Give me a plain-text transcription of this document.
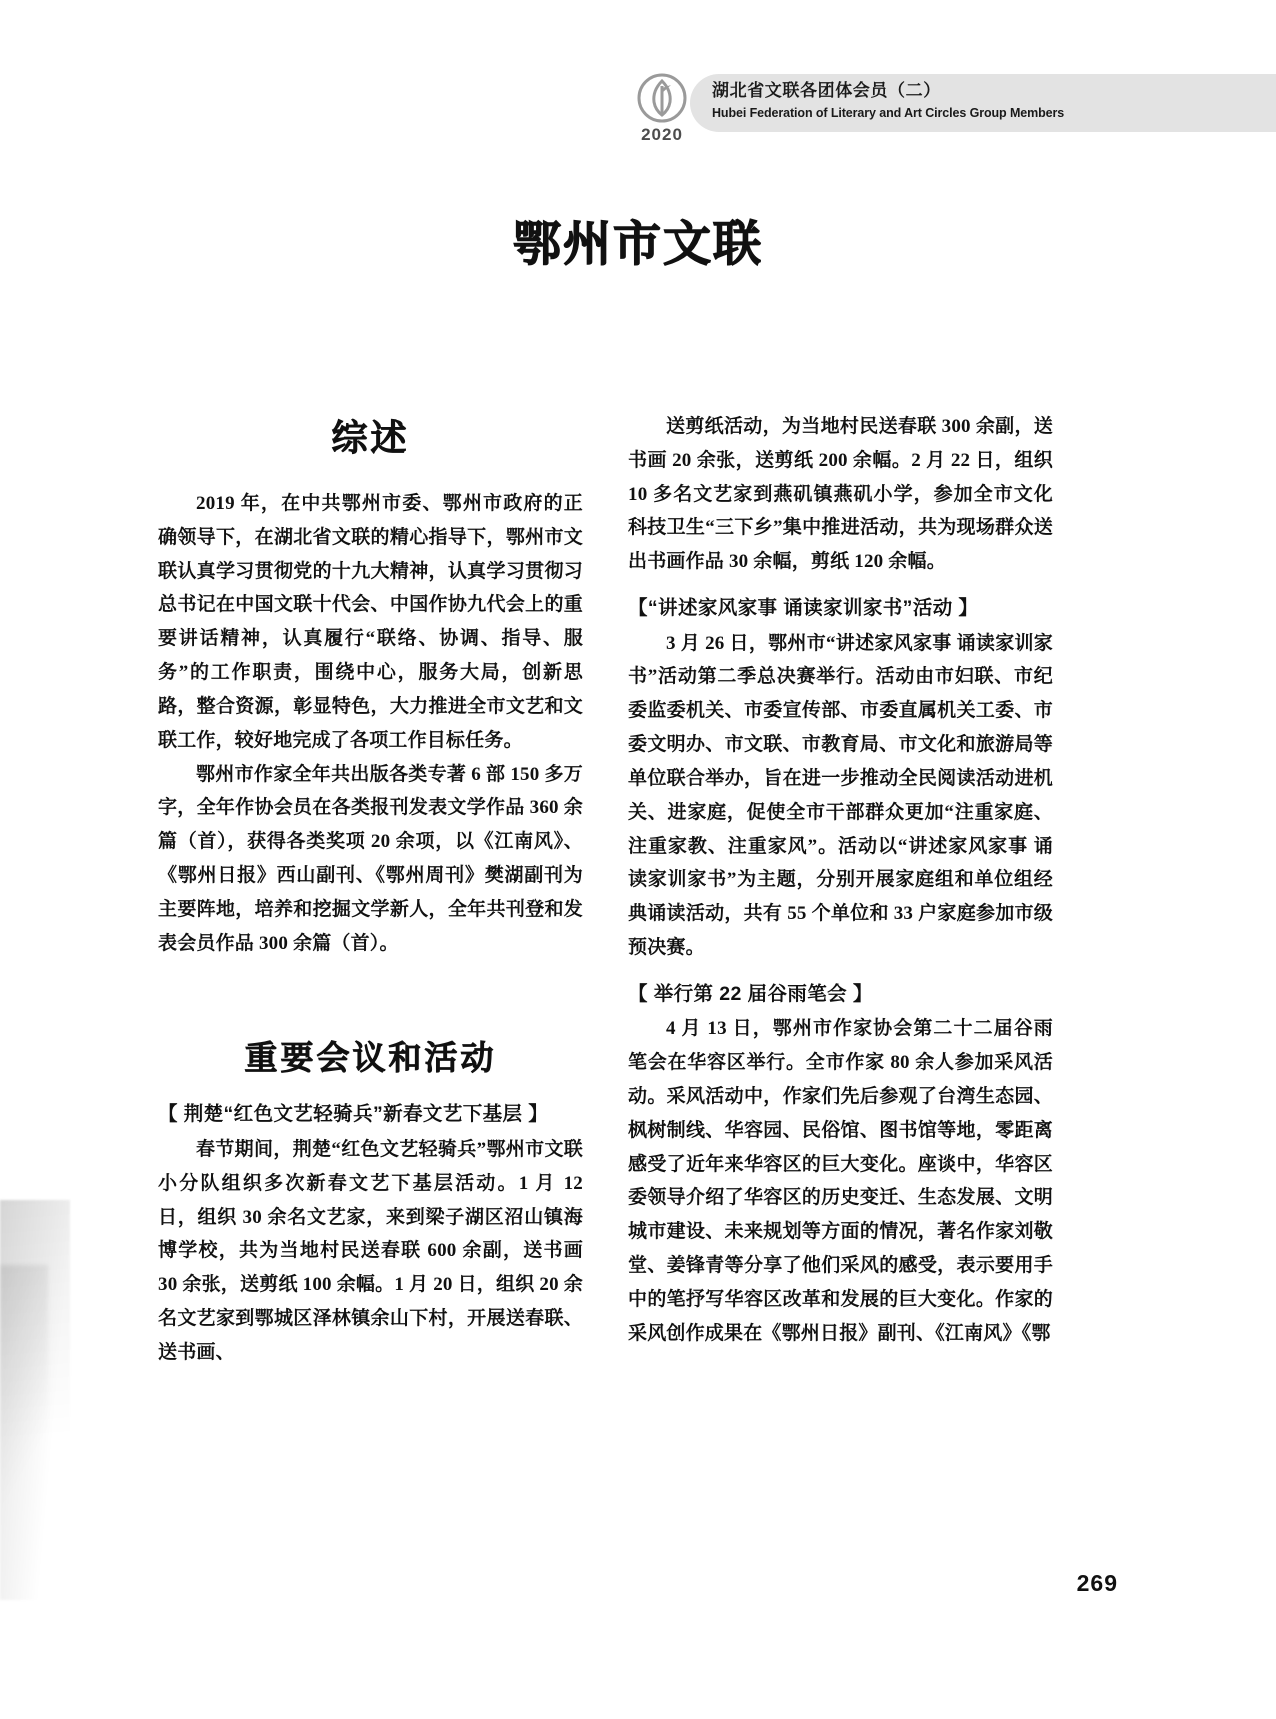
2020
湖北省文联各团体会员（二）
Hubei Federation of Literary and Art Circles Group Members
鄂州市文联
综述

2019 年，在中共鄂州市委、鄂州市政府的正确领导下，在湖北省文联的精心指导下，鄂州市文联认真学习贯彻党的十九大精神，认真学习贯彻习总书记在中国文联十代会、中国作协九代会上的重要讲话精神，认真履行“联络、协调、指导、服务”的工作职责，围绕中心，服务大局，创新思路，整合资源，彰显特色，大力推进全市文艺和文联工作，较好地完成了各项工作目标任务。

鄂州市作家全年共出版各类专著 6 部 150 多万字，全年作协会员在各类报刊发表文学作品 360 余篇（首），获得各类奖项 20 余项，以《江南风》、《鄂州日报》西山副刊、《鄂州周刊》樊湖副刊为主要阵地，培养和挖掘文学新人，全年共刊登和发表会员作品 300 余篇（首）。

重要会议和活动
【 荆楚“红色文艺轻骑兵”新春文艺下基层 】

春节期间，荆楚“红色文艺轻骑兵”鄂州市文联小分队组织多次新春文艺下基层活动。1 月 12 日，组织 30 余名文艺家，来到梁子湖区沼山镇海博学校，共为当地村民送春联 600 余副，送书画 30 余张，送剪纸 100 余幅。1 月 20 日，组织 20 余名文艺家到鄂城区泽林镇余山下村，开展送春联、送书画、

送剪纸活动，为当地村民送春联 300 余副，送书画 20 余张，送剪纸 200 余幅。2 月 22 日，组织 10 多名文艺家到燕矶镇燕矶小学，参加全市文化科技卫生“三下乡”集中推进活动，共为现场群众送出书画作品 30 余幅，剪纸 120 余幅。

【“讲述家风家事 诵读家训家书”活动 】

3 月 26 日，鄂州市“讲述家风家事 诵读家训家书”活动第二季总决赛举行。活动由市妇联、市纪委监委机关、市委宣传部、市委直属机关工委、市委文明办、市文联、市教育局、市文化和旅游局等单位联合举办，旨在进一步推动全民阅读活动进机关、进家庭，促使全市干部群众更加“注重家庭、注重家教、注重家风”。活动以“讲述家风家事 诵读家训家书”为主题，分别开展家庭组和单位组经典诵读活动，共有 55 个单位和 33 户家庭参加市级预决赛。

【 举行第 22 届谷雨笔会 】

4 月 13 日，鄂州市作家协会第二十二届谷雨笔会在华容区举行。全市作家 80 余人参加采风活动。采风活动中，作家们先后参观了台湾生态园、枫树制线、华容园、民俗馆、图书馆等地，零距离感受了近年来华容区的巨大变化。座谈中，华容区委领导介绍了华容区的历史变迁、生态发展、文明城市建设、未来规划等方面的情况，著名作家刘敬堂、姜锋青等分享了他们采风的感受，表示要用手中的笔抒写华容区改革和发展的巨大变化。作家的采风创作成果在《鄂州日报》副刊、《江南风》《鄂

269
